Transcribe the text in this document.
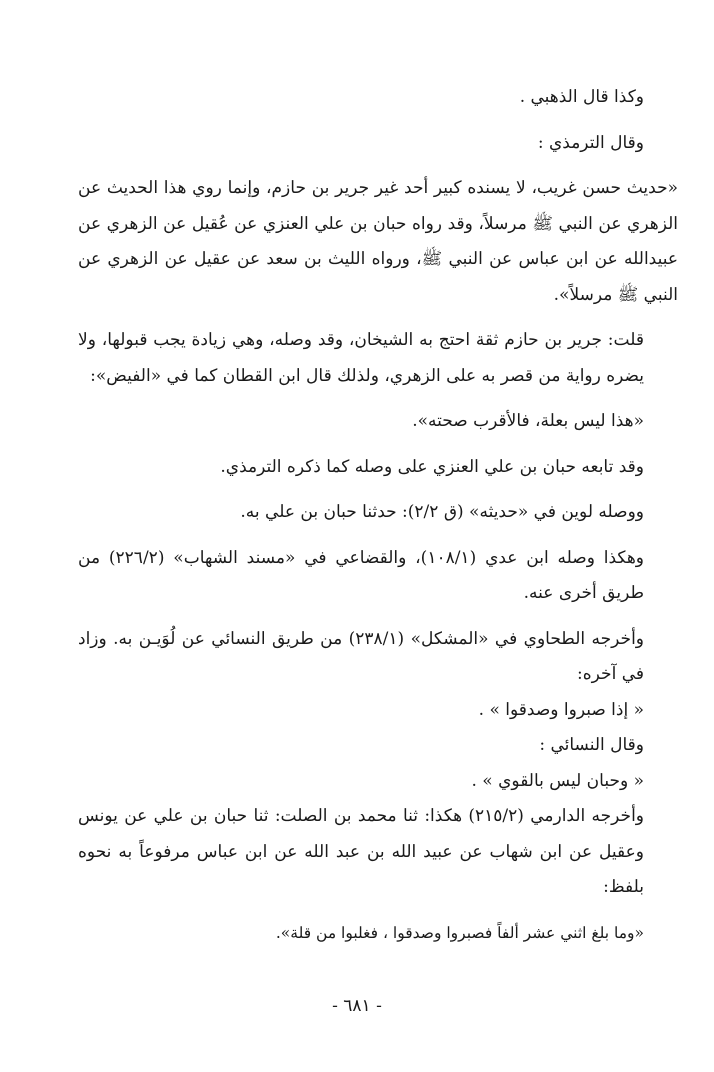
وكذا قال الذهبي .

وقال الترمذي :

«حديث حسن غريب، لا يسنده كبير أحد غير جرير بن حازم، وإنما روي هذا الحديث عن الزهري عن النبي ﷺ مرسلاً، وقد رواه حبان بن علي العنزي عن عُقيل عن الزهري عن عبيدالله عن ابن عباس عن النبي ﷺ، ورواه الليث بن سعد عن عقيل عن الزهري عن النبي ﷺ مرسلاً».

قلت: جرير بن حازم ثقة احتج به الشيخان، وقد وصله، وهي زيادة يجب قبولها، ولا يضره رواية من قصر به على الزهري، ولذلك قال ابن القطان كما في «الفيض»:

«هذا ليس بعلة، فالأقرب صحته».

وقد تابعه حبان بن علي العنزي على وصله كما ذكره الترمذي.

ووصله لوين في «حديثه» (ق ٢/٢): حدثنا حبان بن علي به.

وهكذا وصله ابن عدي (١٠٨/١)، والقضاعي في «مسند الشهاب» (٢٢٦/٢) من طريق أخرى عنه.

وأخرجه الطحاوي في «المشكل» (٢٣٨/١) من طريق النسائي عن لُوَيـن به. وزاد في آخره:

« إذا صبروا وصدقوا » .

وقال النسائي :

« وحبان ليس بالقوي » .

وأخرجه الدارمي (٢١٥/٢) هكذا: ثنا محمد بن الصلت: ثنا حبان بن علي عن يونس وعقيل عن ابن شهاب عن عبيد الله بن عبد الله عن ابن عباس مرفوعاً به نحوه بلفظ:

«وما بلغ اثني عشر ألفاً فصبروا وصدقوا ، فغلبوا من قلة».

- ٦٨١ -
